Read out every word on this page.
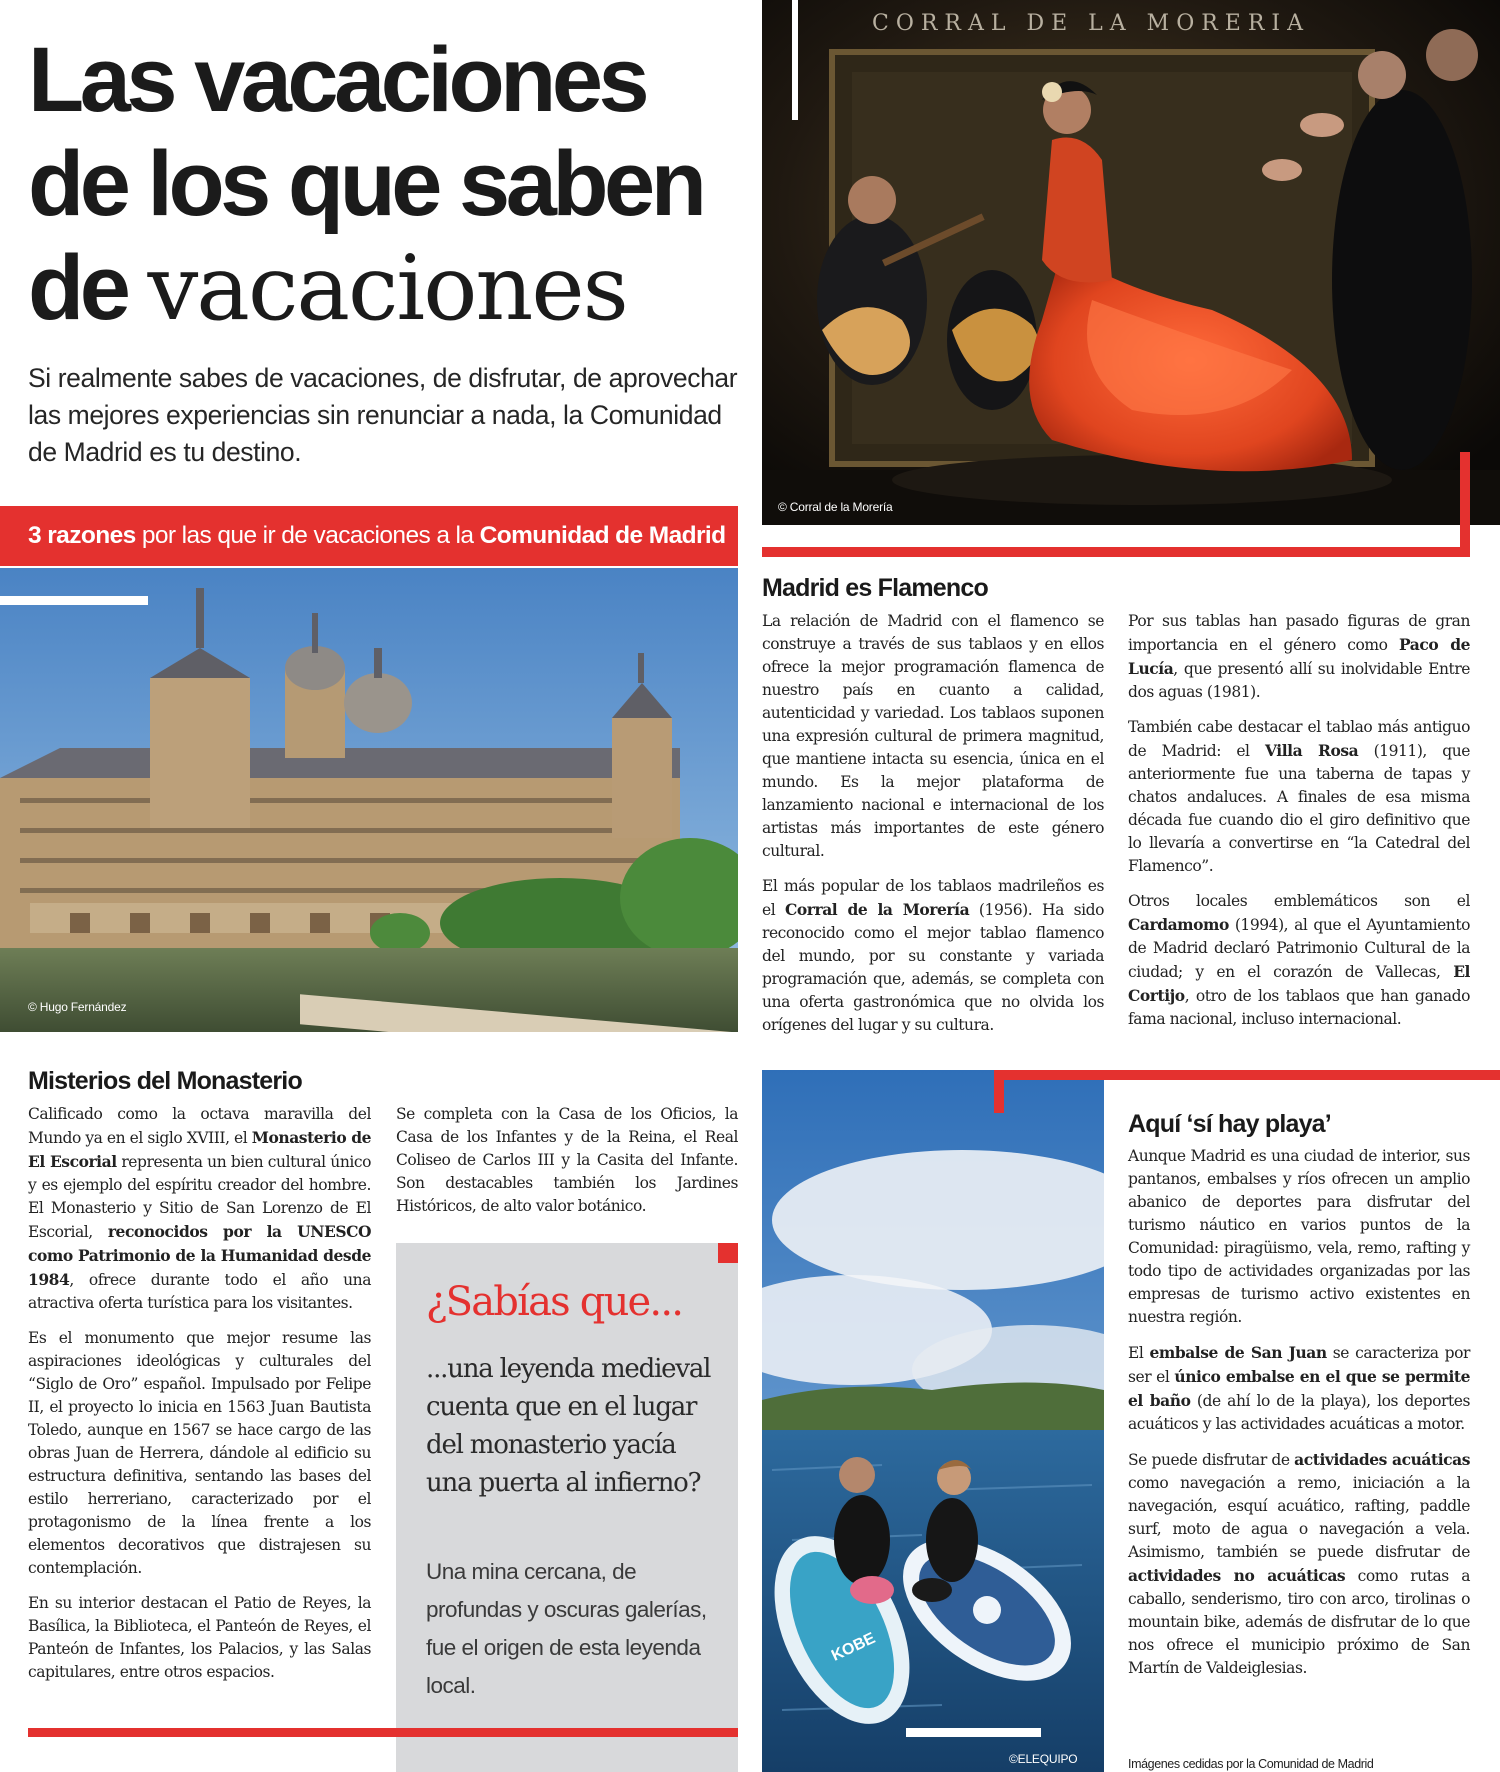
Las vacaciones
de los que saben
de vacaciones

Si realmente sabes de vacaciones, de disfrutar, de aprovechar las mejores experiencias sin renunciar a nada, la Comunidad de Madrid es tu destino.

3 razones por las que ir de vacaciones a la Comunidad de Madrid
CORRAL DE LA MORERIA
© Corral de la Morería
© Hugo Fernández
Madrid es Flamenco

La relación de Madrid con el flamenco se construye a través de sus tablaos y en ellos ofrece la mejor programación flamenca de nuestro país en cuanto a calidad, autenticidad y variedad. Los tablaos suponen una expresión cultural de primera magnitud, que mantiene intacta su esencia, única en el mundo. Es la mejor plataforma de lanzamiento nacional e internacional de los artistas más importantes de este género cultural.

El más popular de los tablaos madrileños es el Corral de la Morería (1956). Ha sido reconocido como el mejor tablao flamenco del mundo, por su constante y variada programación que, además, se completa con una oferta gastronómica que no olvida los orígenes del lugar y su cultura.

Por sus tablas han pasado figuras de gran importancia en el género como Paco de Lucía, que presentó allí su inolvidable Entre dos aguas (1981).

También cabe destacar el tablao más antiguo de Madrid: el Villa Rosa (1911), que anteriormente fue una taberna de tapas y chatos andaluces. A finales de esa misma década fue cuando dio el giro definitivo que lo llevaría a convertirse en “la Catedral del Flamenco”.

Otros locales emblemáticos son el Cardamomo (1994), al que el Ayuntamiento de Madrid declaró Patrimonio Cultural de la ciudad; y en el corazón de Vallecas, El Cortijo, otro de los tablaos que han ganado fama nacional, incluso internacional.

Misterios del Monasterio

Calificado como la octava maravilla del Mundo ya en el siglo XVIII, el Monasterio de El Escorial representa un bien cultural único y es ejemplo del espíritu creador del hombre. El Monasterio y Sitio de San Lorenzo de El Escorial, reconocidos por la UNESCO como Patrimonio de la Humanidad desde 1984, ofrece durante todo el año una atractiva oferta turística para los visitantes.

Es el monumento que mejor resume las aspiraciones ideológicas y culturales del “Siglo de Oro” español. Impulsado por Felipe II, el proyecto lo inicia en 1563 Juan Bautista Toledo, aunque en 1567 se hace cargo de las obras Juan de Herrera, dándole al edificio su estructura definitiva, sentando las bases del estilo herreriano, caracterizado por el protagonismo de la línea frente a los elementos decorativos que distrajesen su contemplación.

En su interior destacan el Patio de Reyes, la Basílica, la Biblioteca, el Panteón de Reyes, el Panteón de Infantes, los Palacios, y las Salas capitulares, entre otros espacios.

Se completa con la Casa de los Oficios, la Casa de los Infantes y de la Reina, el Real Coliseo de Carlos III y la Casita del Infante. Son destacables también los Jardines Históricos, de alto valor botánico.

¿Sabías que...
...una leyenda medieval cuenta que en el lugar del monasterio yacía una puerta al infierno?
Una mina cercana, de profundas y oscuras galerías, fue el origen de esta leyenda local.
KOBE
©ELEQUIPO
Aquí ‘sí hay playa’

Aunque Madrid es una ciudad de interior, sus pantanos, embalses y ríos ofrecen un amplio abanico de deportes para disfrutar del turismo náutico en varios puntos de la Comunidad: piragüismo, vela, remo, rafting y todo tipo de actividades organizadas por las empresas de turismo activo existentes en nuestra región.

El embalse de San Juan se caracteriza por ser el único embalse en el que se permite el baño (de ahí lo de la playa), los deportes acuáticos y las actividades acuáticas a motor.

Se puede disfrutar de actividades acuáticas como navegación a remo, iniciación a la navegación, esquí acuático, rafting, paddle surf, moto de agua o navegación a vela. Asimismo, también se puede disfrutar de actividades no acuáticas como rutas a caballo, senderismo, tiro con arco, tirolinas o mountain bike, además de disfrutar de lo que nos ofrece el municipio próximo de San Martín de Valdeiglesias.

Imágenes cedidas por la Comunidad de Madrid
